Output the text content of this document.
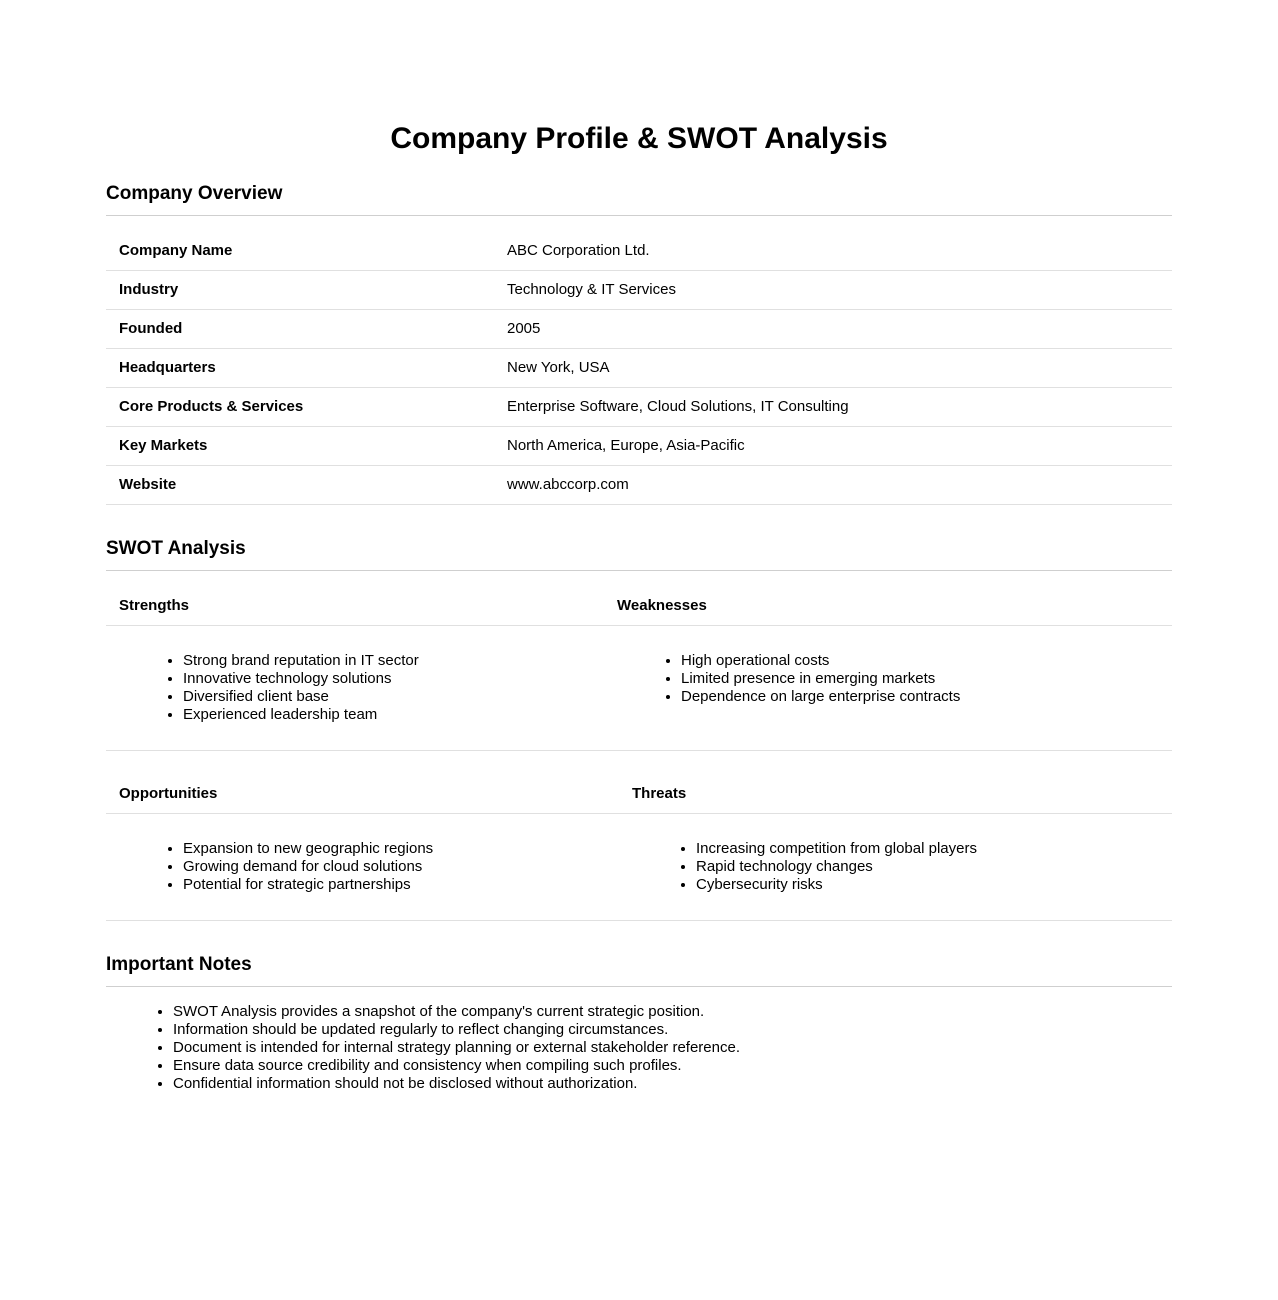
Company Profile & SWOT Analysis
Company Overview
Company Name	ABC Corporation Ltd.
Industry	Technology & IT Services
Founded	2005
Headquarters	New York, USA
Core Products & Services	Enterprise Software, Cloud Solutions, IT Consulting
Key Markets	North America, Europe, Asia-Pacific
Website	www.abccorp.com
SWOT Analysis
Strengths	Weaknesses

• Strong brand reputation in IT sector
• Innovative technology solutions
• Diversified client base
• Experienced leadership team

• High operational costs
• Limited presence in emerging markets
• Dependence on large enterprise contracts
Opportunities	Threats

• Expansion to new geographic regions
• Growing demand for cloud solutions
• Potential for strategic partnerships

• Increasing competition from global players
• Rapid technology changes
• Cybersecurity risks
Important Notes
• SWOT Analysis provides a snapshot of the company's current strategic position.
• Information should be updated regularly to reflect changing circumstances.
• Document is intended for internal strategy planning or external stakeholder reference.
• Ensure data source credibility and consistency when compiling such profiles.
• Confidential information should not be disclosed without authorization.
